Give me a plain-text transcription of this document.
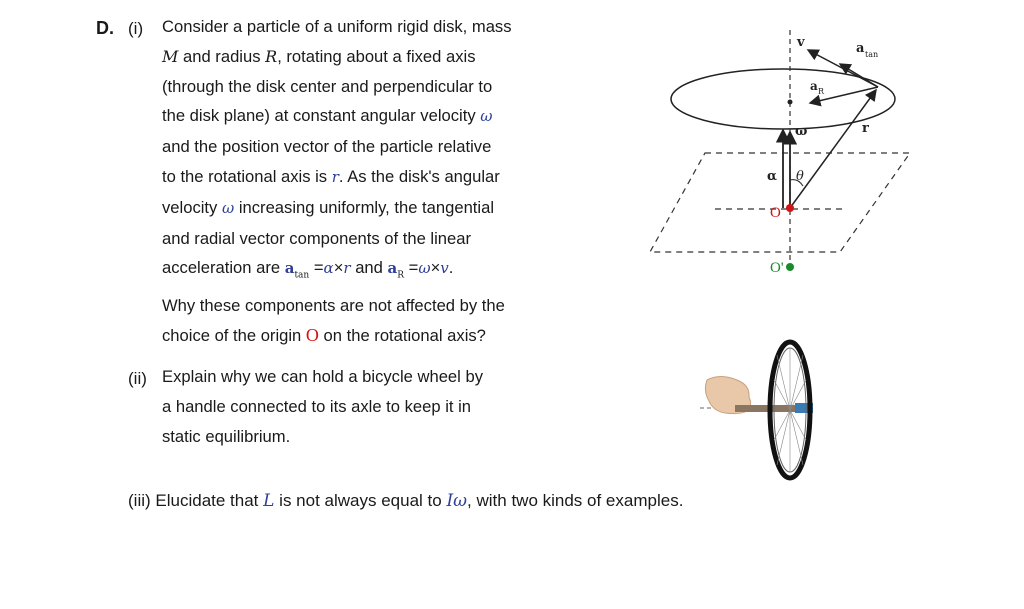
D. (i) Consider a particle of a uniform rigid disk, mass
M and radius R, rotating about a fixed axis
(through the disk center and perpendicular to
the disk plane) at constant angular velocity ω
and the position vector of the particle relative
to the rotational axis is r. As the disk's angular
velocity ω increasing uniformly, the tangential
and radial vector components of the linear
acceleration are $a_{tan} =\alpha\times r$ and $a_R =\omega\times v$.
Why these components are not affected by the
choice of the origin O on the rotational axis?
(ii) Explain why we can hold a bicycle wheel by
a handle connected to its axle to keep it in
static equilibrium.
(iii) Elucidate that L is not always equal to Iω, with two kinds of examples.
v	a tan
a R
ω	r
α θ
O
O'
